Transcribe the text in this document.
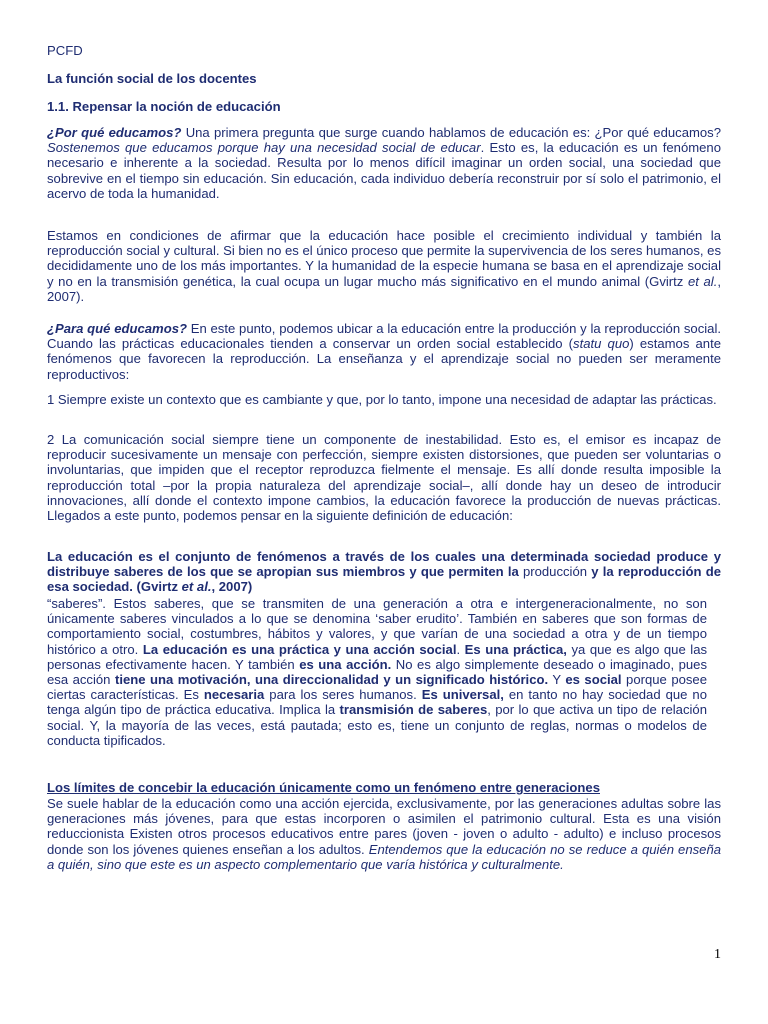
PCFD

La función social de los docentes

1.1. Repensar la noción de educación

¿Por qué educamos? Una primera pregunta que surge cuando hablamos de educación es: ¿Por qué educamos? Sostenemos que educamos porque hay una necesidad social de educar. Esto es, la educación es un fenómeno necesario e inherente a la sociedad. Resulta por lo menos difícil imaginar un orden social, una sociedad que sobrevive en el tiempo sin educación. Sin educación, cada individuo debería reconstruir por sí solo el patrimonio, el acervo de toda la humanidad.

Estamos en condiciones de afirmar que la educación hace posible el crecimiento individual y también la reproducción social y cultural. Si bien no es el único proceso que permite la supervivencia de los seres humanos, es decididamente uno de los más importantes. Y la humanidad de la especie humana se basa en el aprendizaje social y no en la transmisión genética, la cual ocupa un lugar mucho más significativo en el mundo animal (Gvirtz et al., 2007).

¿Para qué educamos? En este punto, podemos ubicar a la educación entre la producción y la reproducción social. Cuando las prácticas educacionales tienden a conservar un orden social establecido (statu quo) estamos ante fenómenos que favorecen la reproducción. La enseñanza y el aprendizaje social no pueden ser meramente reproductivos:

1 Siempre existe un contexto que es cambiante y que, por lo tanto, impone una necesidad de adaptar las prácticas.

2 La comunicación social siempre tiene un componente de inestabilidad. Esto es, el emisor es incapaz de reproducir sucesivamente un mensaje con perfección, siempre existen distorsiones, que pueden ser voluntarias o involuntarias, que impiden que el receptor reproduzca fielmente el mensaje. Es allí donde resulta imposible la reproducción total –por la propia naturaleza del aprendizaje social–, allí donde hay un deseo de introducir innovaciones, allí donde el contexto impone cambios, la educación favorece la producción de nuevas prácticas. Llegados a este punto, podemos pensar en la siguiente definición de educación:

La educación es el conjunto de fenómenos a través de los cuales una determinada sociedad produce y distribuye saberes de los que se apropian sus miembros y que permiten la producción y la reproducción de esa sociedad. (Gvirtz et al., 2007)

“saberes”. Estos saberes, que se transmiten de una generación a otra e intergeneracionalmente, no son únicamente saberes vinculados a lo que se denomina ‘saber erudito’. También en saberes que son formas de comportamiento social, costumbres, hábitos y valores, y que varían de una sociedad a otra y de un tiempo histórico a otro. La educación es una práctica y una acción social. Es una práctica, ya que es algo que las personas efectivamente hacen. Y también es una acción. No es algo simplemente deseado o imaginado, pues esa acción tiene una motivación, una direccionalidad y un significado histórico. Y es social porque posee ciertas características. Es necesaria para los seres humanos. Es universal, en tanto no hay sociedad que no tenga algún tipo de práctica educativa. Implica la transmisión de saberes, por lo que activa un tipo de relación social. Y, la mayoría de las veces, está pautada; esto es, tiene un conjunto de reglas, normas o modelos de conducta tipificados.

Los límites de concebir la educación únicamente como un fenómeno entre generaciones

Se suele hablar de la educación como una acción ejercida, exclusivamente, por las generaciones adultas sobre las generaciones más jóvenes, para que estas incorporen o asimilen el patrimonio cultural. Esta es una visión reduccionista Existen otros procesos educativos entre pares (joven - joven o adulto - adulto) e incluso procesos donde son los jóvenes quienes enseñan a los adultos. Entendemos que la educación no se reduce a quién enseña a quién, sino que este es un aspecto complementario que varía histórica y culturalmente.

1
